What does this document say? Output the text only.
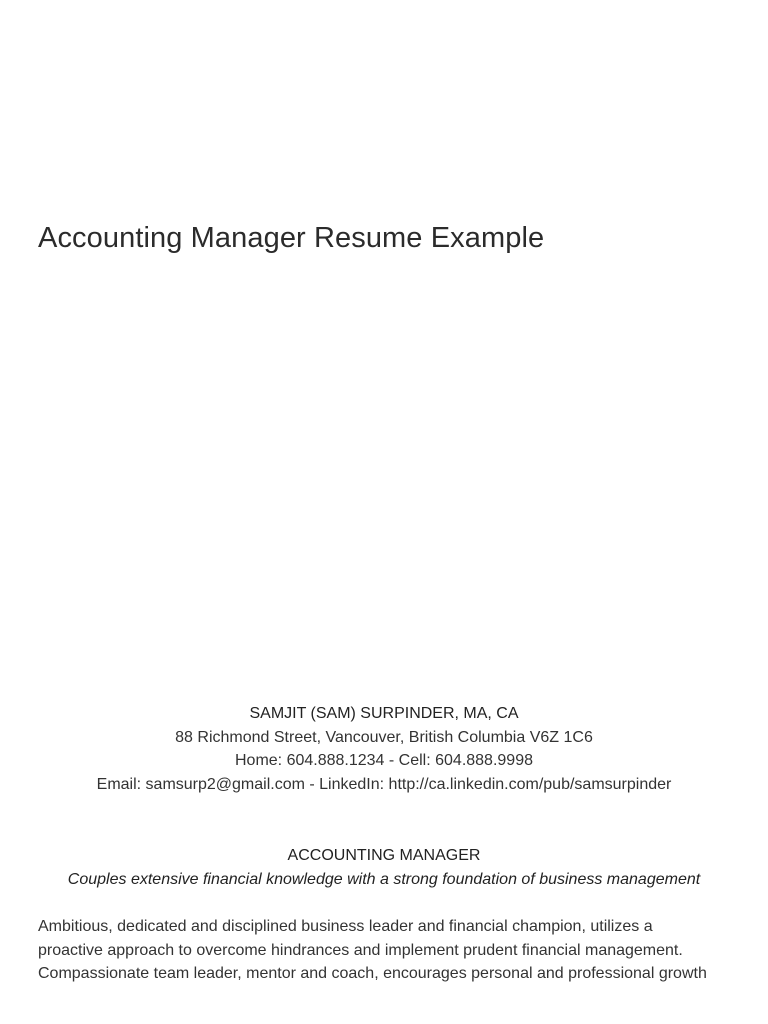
Accounting Manager Resume Example
SAMJIT (SAM) SURPINDER, MA, CA
88 Richmond Street, Vancouver, British Columbia V6Z 1C6
Home: 604.888.1234 - Cell: 604.888.9998
Email: samsurp2@gmail.com - LinkedIn: http://ca.linkedin.com/pub/samsurpinder
ACCOUNTING MANAGER
Couples extensive financial knowledge with a strong foundation of business management

Ambitious, dedicated and disciplined business leader and financial champion, utilizes a
proactive approach to overcome hindrances and implement prudent financial management.
Compassionate team leader, mentor and coach, encourages personal and professional growth
